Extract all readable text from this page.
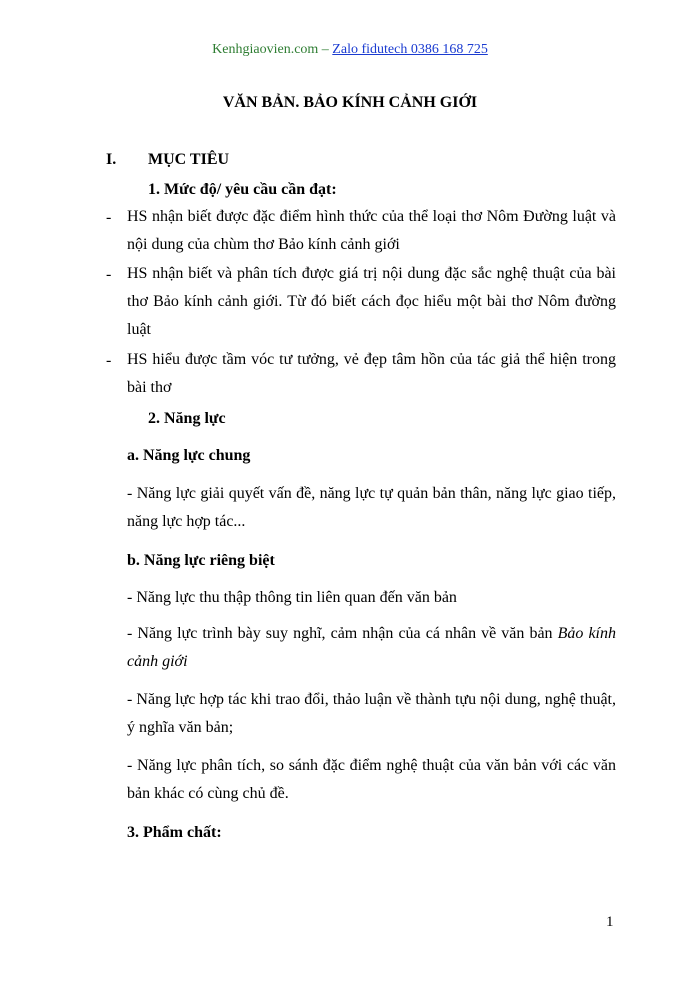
Kenhgiaovien.com – Zalo fidutech 0386 168 725
VĂN BẢN. BẢO KÍNH CẢNH GIỚI
I. MỤC TIÊU
1. Mức độ/ yêu cầu cần đạt:
- HS nhận biết được đặc điểm hình thức của thể loại thơ Nôm Đường luật và nội dung của chùm thơ Bảo kính cảnh giới
- HS nhận biết và phân tích được giá trị nội dung đặc sắc nghệ thuật của bài thơ Bảo kính cảnh giới. Từ đó biết cách đọc hiểu một bài thơ Nôm đường luật
- HS hiểu được tầm vóc tư tưởng, vẻ đẹp tâm hồn của tác giả thể hiện trong bài thơ
2. Năng lực
a. Năng lực chung
- Năng lực giải quyết vấn đề, năng lực tự quản bản thân, năng lực giao tiếp, năng lực hợp tác...
b. Năng lực riêng biệt
- Năng lực thu thập thông tin liên quan đến văn bản
- Năng lực trình bày suy nghĩ, cảm nhận của cá nhân về văn bản Bảo kính cảnh giới
- Năng lực hợp tác khi trao đổi, thảo luận về thành tựu nội dung, nghệ thuật, ý nghĩa văn bản;
- Năng lực phân tích, so sánh đặc điểm nghệ thuật của văn bản với các văn bản khác có cùng chủ đề.
3. Phẩm chất:
1
